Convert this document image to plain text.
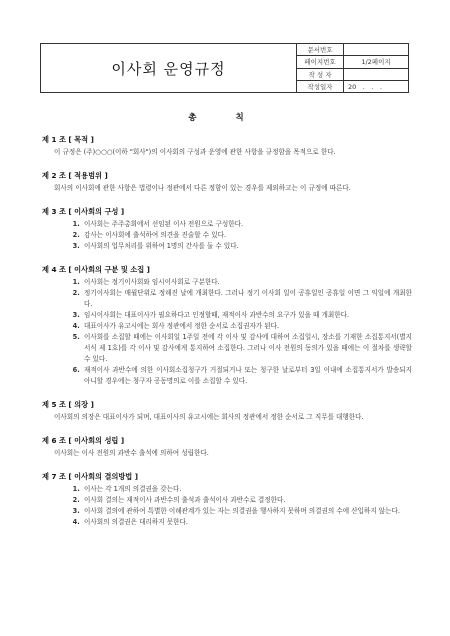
이사회 운영규정
문서번호
페이지번호	1/2페이지
작 성 자
작성일자	20　.　.　.
총 칙
제 1 조 [ 목적 ]
이 규정은 (주)○○○(이하 "회사")의 이사회의 구성과 운영에 관한 사항을 규정함을 목적으로 한다.
제 2 조 [ 적용범위 ]
회사의 이사회에 관한 사항은 법령이나 정관에서 다른 정함이 있는 경우를 제외하고는 이 규정에 따른다.
제 3 조 [ 이사회의 구성 ]
1. 이사회는 주주총회에서 선임된 이사 전원으로 구성한다.
2. 감사는 이사회에 출석하여 의견을 진술할 수 있다.
3. 이사회의 업무처리를 위하여 1명의 간사를 둘 수 있다.
제 4 조 [ 이사회의 구분 및 소집 ]
1. 이사회는 정기이사회와 임시이사회로 구분한다.
2. 정기이사회는 매월단위로 정해진 날에 개최한다. 그러나 정기 이사회 일이 공휴일인 공휴일 이면 그 익일에 개최한다.
3. 임시이사회는 대표이사가 필요하다고 인정할때, 재적이사 과반수의 요구가 있을 때 개최한다.
4. 대표이사가 유고시에는 회사 정관에서 정한 순서로 소집권자가 된다.
5. 이사회를 소집할 때에는 이사회일 1주일 전에 각 이사 및 감사에 대하여 소집일시, 장소를 기재한 소집통지서(별지 서식 제 1호)를 각 이사 및 감사에게 통지하여 소집한다. 그러나 이사 전원의 동의가 있을 때에는 이 절차를 생략할 수 있다.
6. 재적이사 과반수에 의한 이사회소집청구가 거절되거나 또는 청구한 날로부터 3일 이내에 소집통지서가 발송되지 아니할 경우에는 청구자 공동명의로 이를 소집할 수 있다.
제 5 조 [ 의장 ]
이사회의 의장은 대표이사가 되며, 대표이사의 유고시에는 회사의 정관에서 정한 순서로 그 직무를 대행한다.
제 6 조 [ 이사회의 성립 ]
이사회는 이사 전원의 과반수 출석에 의하여 성립한다.
제 7 조 [ 이사회의 결의방법 ]
1. 이사는 각 1개의 의결권을 갖는다.
2. 이사회 결의는 재적이사 과반수의 출석과 출석이사 과반수로 결정한다.
3. 이사회 결의에 관하여 특별한 이해관계가 있는 자는 의결권을 행사하지 못하며 의결권의 수에 산입하지 않는다.
4. 이사회의 의결권은 대리하지 못한다.
